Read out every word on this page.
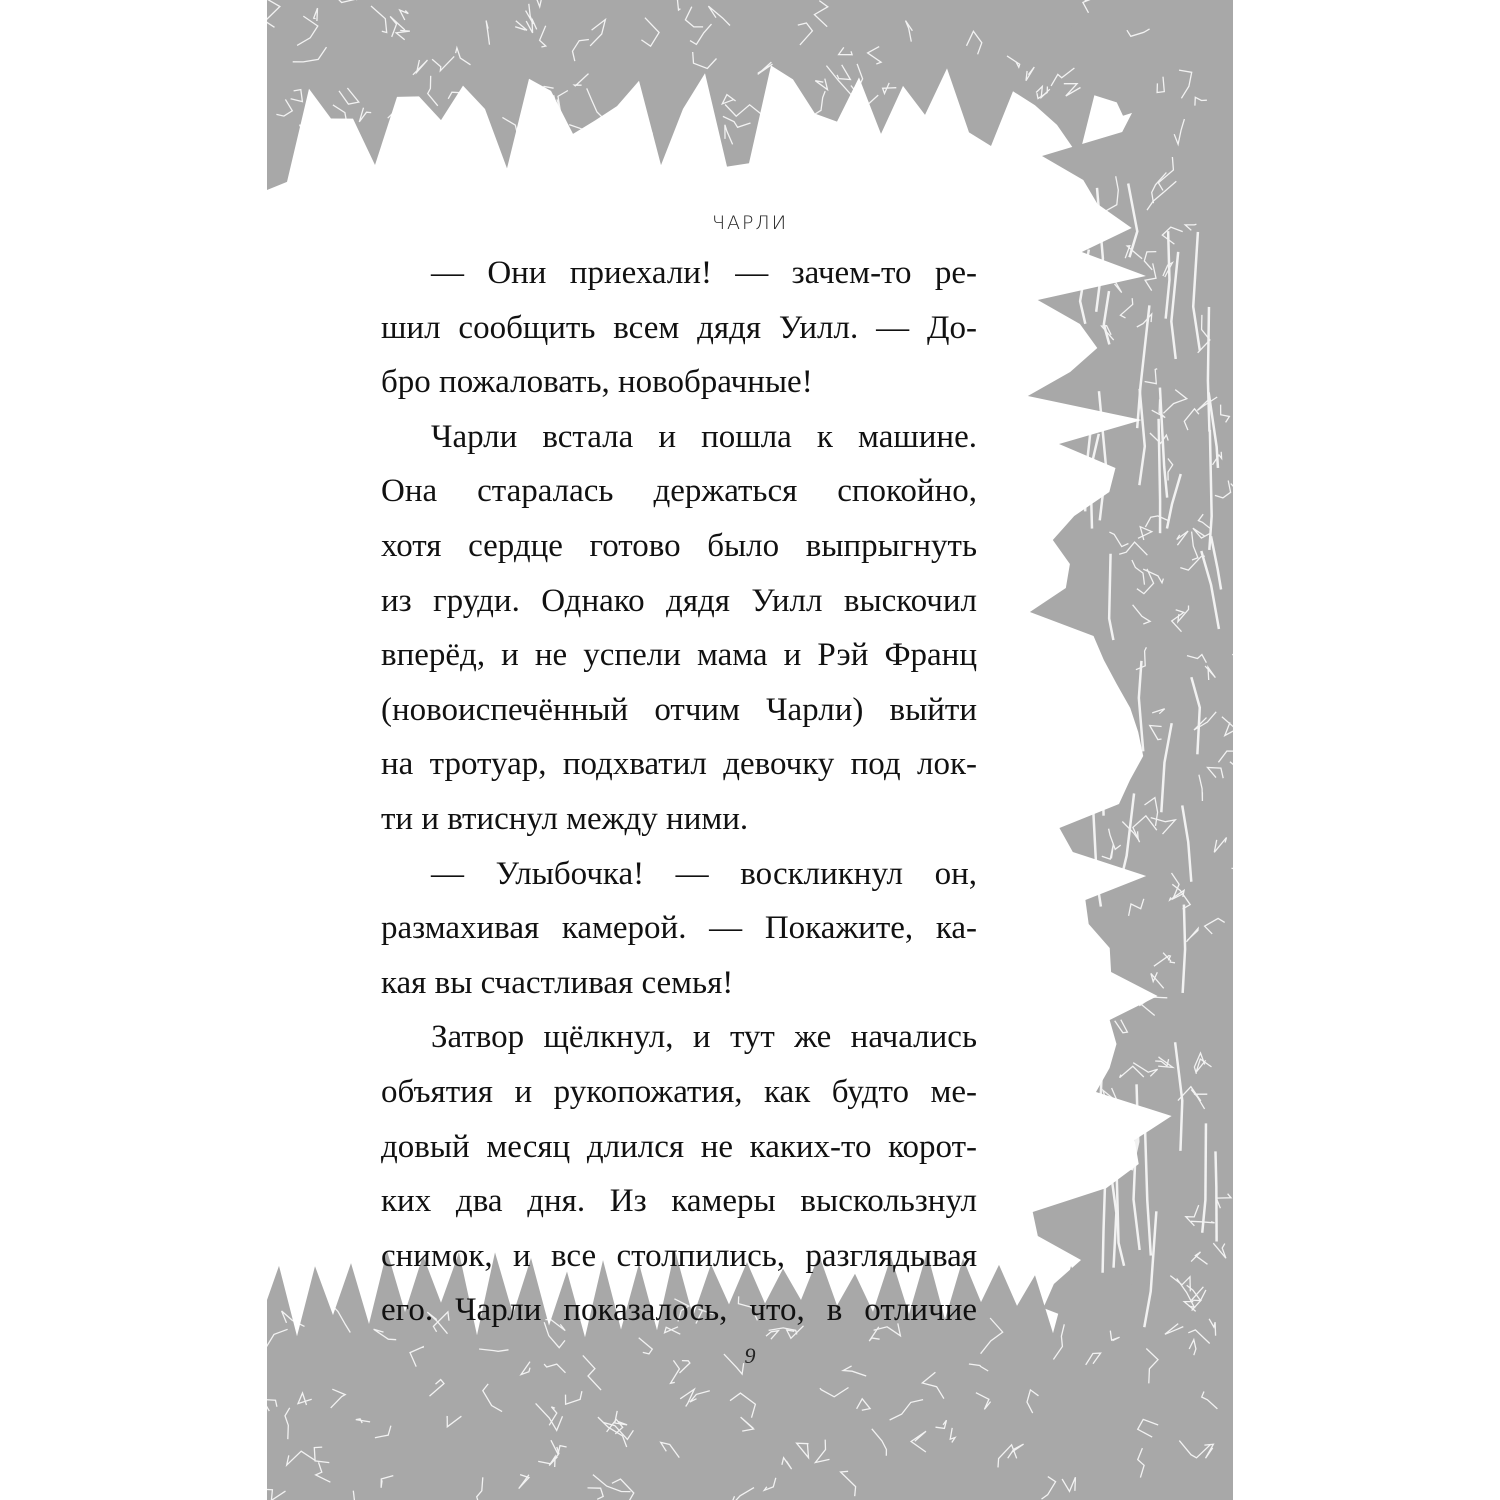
ЧАРЛИ
— Они приехали! — зачем-то ре-
шил сообщить всем дядя Уилл. — До-
бро пожаловать, новобрачные!
Чарли встала и пошла к машине.
Она старалась держаться спокойно,
хотя сердце готово было выпрыгнуть
из груди. Однако дядя Уилл выскочил
вперёд, и не успели мама и Рэй Франц
(новоиспечённый отчим Чарли) выйти
на тротуар, подхватил девочку под лок-
ти и втиснул между ними.
— Улыбочка! — воскликнул он,
размахивая камерой. — Покажите, ка-
кая вы счастливая семья!
Затвор щёлкнул, и тут же начались
объятия и рукопожатия, как будто ме-
довый месяц длился не каких-то корот-
ких два дня. Из камеры выскользнул
снимок, и все столпились, разглядывая
его. Чарли показалось, что, в отличие
9
